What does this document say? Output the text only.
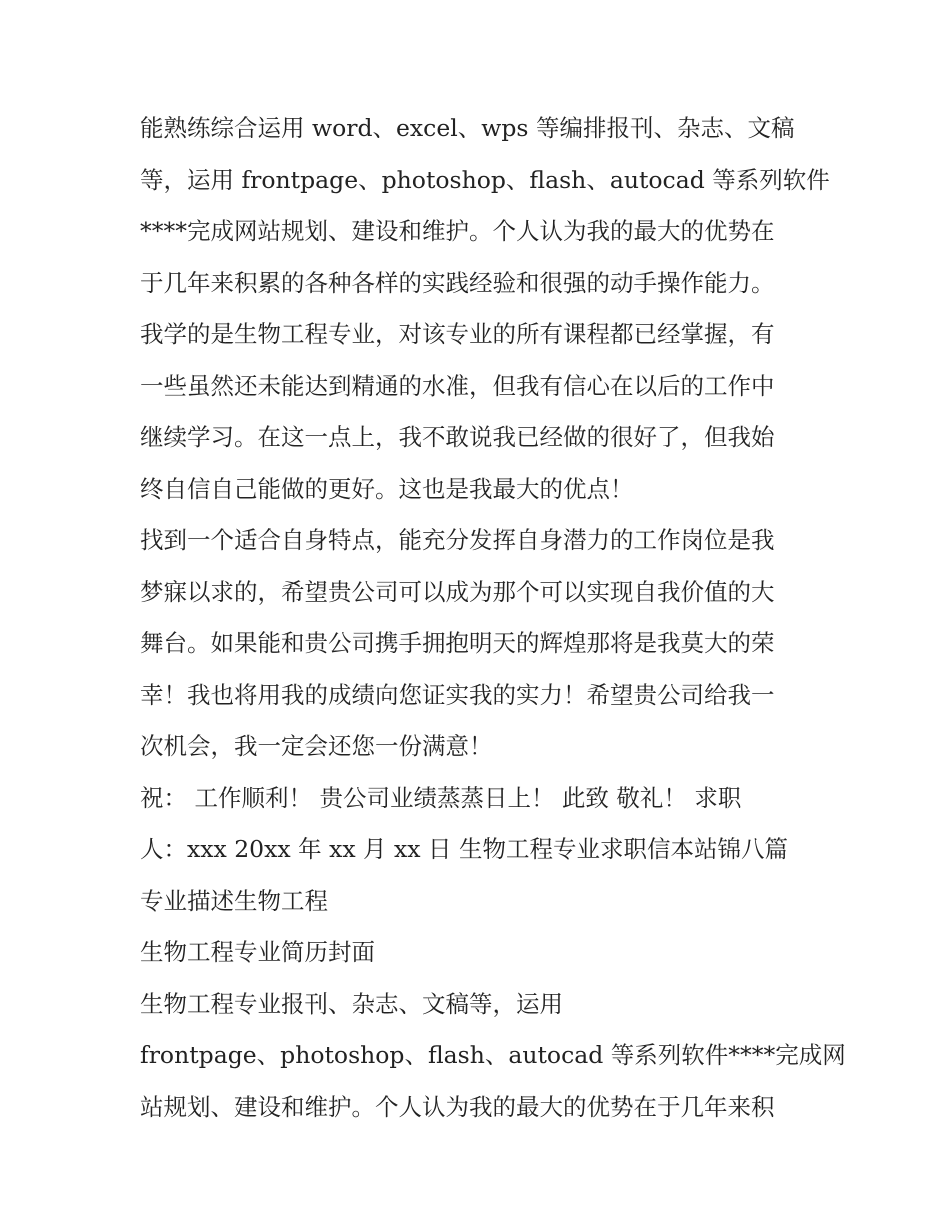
能熟练综合运用 word、excel、wps 等编排报刊、杂志、文稿
等，运用 frontpage、photoshop、flash、autocad 等系列软件
****完成网站规划、建设和维护。个人认为我的最大的优势在
于几年来积累的各种各样的实践经验和很强的动手操作能力。
我学的是生物工程专业，对该专业的所有课程都已经掌握，有
一些虽然还未能达到精通的水准，但我有信心在以后的工作中
继续学习。在这一点上，我不敢说我已经做的很好了，但我始
终自信自己能做的更好。这也是我最大的优点！
找到一个适合自身特点，能充分发挥自身潜力的工作岗位是我
梦寐以求的，希望贵公司可以成为那个可以实现自我价值的大
舞台。如果能和贵公司携手拥抱明天的辉煌那将是我莫大的荣
幸！我也将用我的成绩向您证实我的实力！希望贵公司给我一
次机会，我一定会还您一份满意！
祝： 工作顺利！ 贵公司业绩蒸蒸日上！ 此致 敬礼！ 求职
人：xxx 20xx 年 xx 月 xx 日 生物工程专业求职信本站锦八篇
专业描述生物工程
生物工程专业简历封面
生物工程专业报刊、杂志、文稿等，运用
frontpage、photoshop、flash、autocad 等系列软件****完成网
站规划、建设和维护。个人认为我的最大的优势在于几年来积
